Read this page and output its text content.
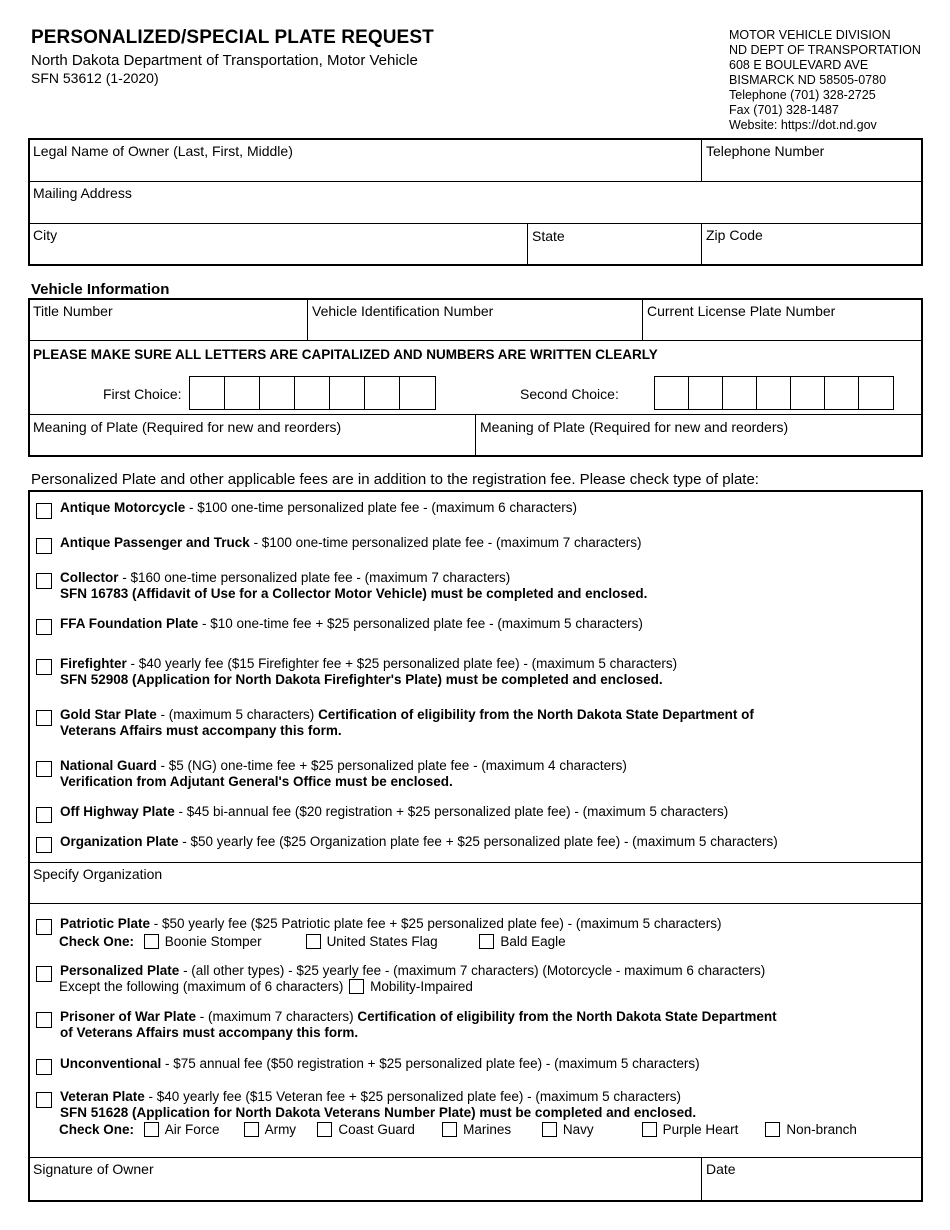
PERSONALIZED/SPECIAL PLATE REQUEST
North Dakota Department of Transportation, Motor Vehicle
SFN 53612 (1-2020)
MOTOR VEHICLE DIVISION
ND DEPT OF TRANSPORTATION
608 E BOULEVARD AVE
BISMARCK ND 58505-0780
Telephone (701) 328-2725
Fax (701) 328-1487
Website: https://dot.nd.gov
Legal Name of Owner (Last, First, Middle)	Telephone Number
Mailing Address
City	State	Zip Code
Vehicle Information
Title Number	Vehicle Identification Number	Current License Plate Number
PLEASE MAKE SURE ALL LETTERS ARE CAPITALIZED AND NUMBERS ARE WRITTEN CLEARLY
First Choice:	Second Choice:
Meaning of Plate (Required for new and reorders)	Meaning of Plate (Required for new and reorders)
Personalized Plate and other applicable fees are in addition to the registration fee. Please check type of plate:
Antique Motorcycle - $100 one-time personalized plate fee - (maximum 6 characters)
Antique Passenger and Truck - $100 one-time personalized plate fee - (maximum 7 characters)
Collector - $160 one-time personalized plate fee - (maximum 7 characters)
SFN 16783 (Affidavit of Use for a Collector Motor Vehicle) must be completed and enclosed.
FFA Foundation Plate - $10 one-time fee + $25 personalized plate fee - (maximum 5 characters)
Firefighter - $40 yearly fee ($15 Firefighter fee + $25 personalized plate fee) - (maximum 5 characters)
SFN 52908 (Application for North Dakota Firefighter's Plate) must be completed and enclosed.
Gold Star Plate - (maximum 5 characters) Certification of eligibility from the North Dakota State Department of
Veterans Affairs must accompany this form.
National Guard - $5 (NG) one-time fee + $25 personalized plate fee - (maximum 4 characters)
Verification from Adjutant General's Office must be enclosed.
Off Highway Plate - $45 bi-annual fee ($20 registration + $25 personalized plate fee) - (maximum 5 characters)
Organization Plate - $50 yearly fee ($25 Organization plate fee + $25 personalized plate fee) - (maximum 5 characters)
Specify Organization
Patriotic Plate - $50 yearly fee ($25 Patriotic plate fee + $25 personalized plate fee) - (maximum 5 characters)
Check One: Boonie Stomper	United States Flag	Bald Eagle
Personalized Plate - (all other types) - $25 yearly fee - (maximum 7 characters) (Motorcycle - maximum 6 characters)
Except the following (maximum of 6 characters) Mobility-Impaired
Prisoner of War Plate - (maximum 7 characters) Certification of eligibility from the North Dakota State Department
of Veterans Affairs must accompany this form.
Unconventional - $75 annual fee ($50 registration + $25 personalized plate fee) - (maximum 5 characters)
Veteran Plate - $40 yearly fee ($15 Veteran fee + $25 personalized plate fee) - (maximum 5 characters)
SFN 51628 (Application for North Dakota Veterans Number Plate) must be completed and enclosed.
Check One: Air Force	Army	Coast Guard	Marines	Navy	Purple Heart	Non-branch
Signature of Owner	Date
